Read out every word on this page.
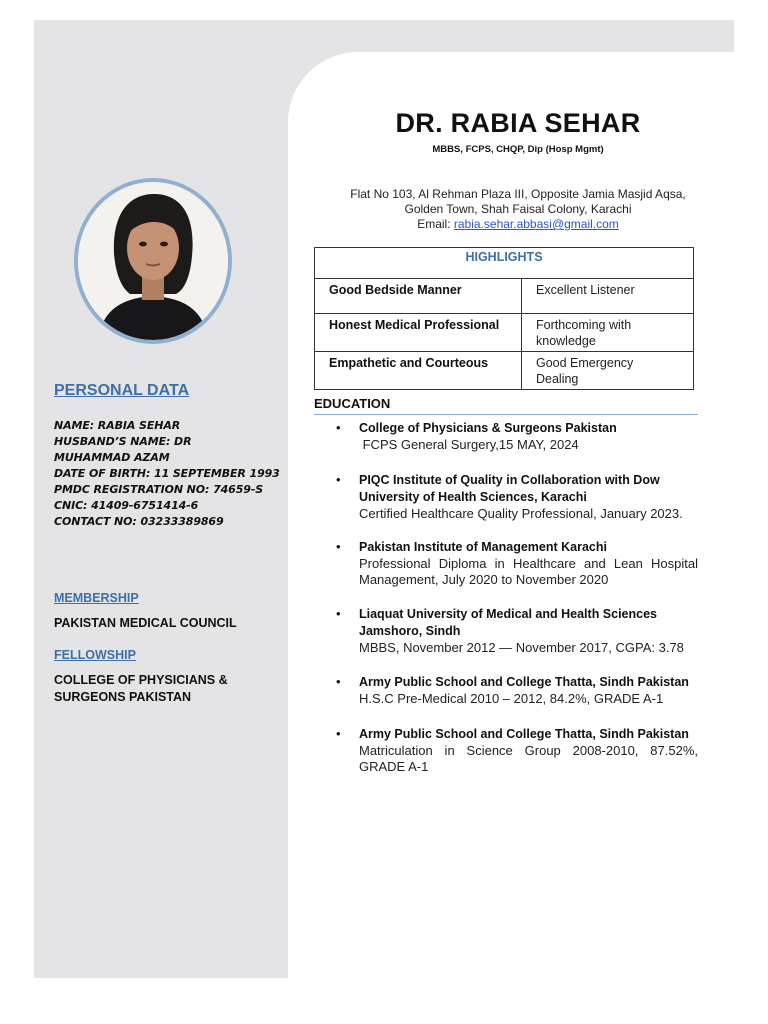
PERSONAL DATA
NAME: RABIA SEHAR
HUSBAND’S NAME: DR
MUHAMMAD AZAM
DATE OF BIRTH: 11 SEPTEMBER 1993
PMDC REGISTRATION NO: 74659-S
CNIC: 41409-6751414-6
CONTACT NO: 03233389869
MEMBERSHIP
PAKISTAN MEDICAL COUNCIL
FELLOWSHIP
COLLEGE OF PHYSICIANS & SURGEONS PAKISTAN
DR. RABIA SEHAR
MBBS, FCPS, CHQP, Dip (Hosp Mgmt)
Flat No 103, Al Rehman Plaza III, Opposite Jamia Masjid Aqsa,
Golden Town, Shah Faisal Colony, Karachi
Email: rabia.sehar.abbasi@gmail.com
HIGHLIGHTS	
Good Bedside Manner	Excellent Listener
Honest Medical Professional	Forthcoming with knowledge
Empathetic and Courteous	Good Emergency Dealing
EDUCATION
• College of Physicians & Surgeons Pakistan
FCPS General Surgery,15 MAY, 2024
• PIQC Institute of Quality in Collaboration with Dow University of Health Sciences, Karachi
Certified Healthcare Quality Professional, January 2023.
• Pakistan Institute of Management Karachi
Professional Diploma in Healthcare and Lean Hospital Management, July 2020 to November 2020
• Liaquat University of Medical and Health Sciences Jamshoro, Sindh
MBBS, November 2012 — November 2017, CGPA: 3.78
• Army Public School and College Thatta, Sindh Pakistan
H.S.C Pre-Medical 2010 – 2012, 84.2%, GRADE A-1
• Army Public School and College Thatta, Sindh Pakistan
Matriculation in Science Group 2008-2010, 87.52%, GRADE A-1
